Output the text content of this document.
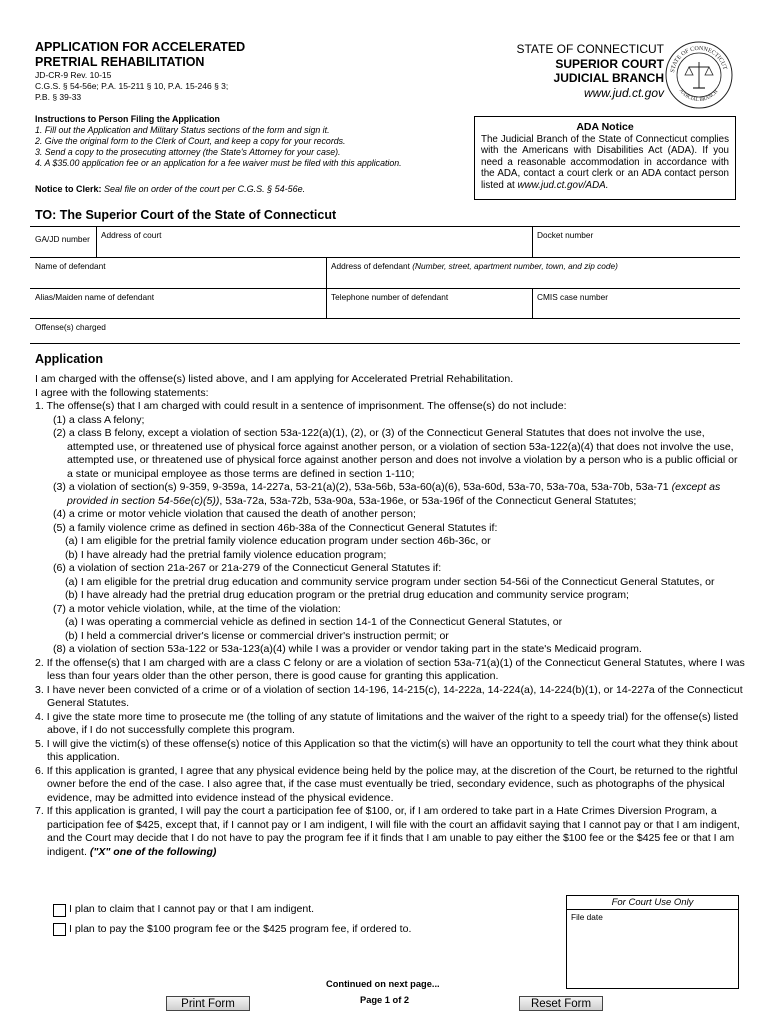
APPLICATION FOR ACCELERATED
PRETRIAL REHABILITATION
JD-CR-9 Rev. 10-15
C.G.S. § 54-56e; P.A. 15-211 § 10, P.A. 15-246 § 3;
P.B. § 39-33
STATE OF CONNECTICUT
SUPERIOR COURT
JUDICIAL BRANCH
www.jud.ct.gov
STATE OF CONNECTICUT
JUDICIAL BRANCH
Instructions to Person Filing the Application
1. Fill out the Application and Military Status sections of the form and sign it.
2. Give the original form to the Clerk of Court, and keep a copy for your records.
3. Send a copy to the prosecuting attorney (the State's Attorney for your case).
4. A $35.00 application fee or an application for a fee waiver must be filed with this application.
Notice to Clerk: Seal file on order of the court per C.G.S. § 54-56e.
ADA Notice
The Judicial Branch of the State of Connecticut complies with the Americans with Disabilities Act (ADA). If you need a reasonable accommodation in accordance with the ADA, contact a court clerk or an ADA contact person listed at www.jud.ct.gov/ADA.
TO: The Superior Court of the State of Connecticut
GA/JD number	Address of court	Docket number
Name of defendant	Address of defendant (Number, street, apartment number, town, and zip code)
Alias/Maiden name of defendant	Telephone number of defendant	CMIS case number
Offense(s) charged
Application

I am charged with the offense(s) listed above, and I am applying for Accelerated Pretrial Rehabilitation.

I agree with the following statements:

1. The offense(s) that I am charged with could result in a sentence of imprisonment. The offense(s) do not include:

(1) a class A felony;

(2) a class B felony, except a violation of section 53a-122(a)(1), (2), or (3) of the Connecticut General Statutes that does not involve the use, attempted use, or threatened use of physical force against another person, or a violation of section 53a-122(a)(4) that does not involve the use, attempted use, or threatened use of physical force against another person and does not involve a violation by a person who is a public official or a state or municipal employee as those terms are defined in section 1-110;

(3) a violation of section(s) 9-359, 9-359a, 14-227a, 53-21(a)(2), 53a-56b, 53a-60(a)(6), 53a-60d, 53a-70, 53a-70a, 53a-70b, 53a-71 (except as provided in section 54-56e(c)(5)), 53a-72a, 53a-72b, 53a-90a, 53a-196e, or 53a-196f of the Connecticut General Statutes;

(4) a crime or motor vehicle violation that caused the death of another person;

(5) a family violence crime as defined in section 46b-38a of the Connecticut General Statutes if:

(a) I am eligible for the pretrial family violence education program under section 46b-36c, or

(b) I have already had the pretrial family violence education program;

(6) a violation of section 21a-267 or 21a-279 of the Connecticut General Statutes if:

(a) I am eligible for the pretrial drug education and community service program under section 54-56i of the Connecticut General Statutes, or

(b) I have already had the pretrial drug education program or the pretrial drug education and community service program;

(7) a motor vehicle violation, while, at the time of the violation:

(a) I was operating a commercial vehicle as defined in section 14-1 of the Connecticut General Statutes, or

(b) I held a commercial driver's license or commercial driver's instruction permit; or

(8) a violation of section 53a-122 or 53a-123(a)(4) while I was a provider or vendor taking part in the state's Medicaid program.

2. If the offense(s) that I am charged with are a class C felony or are a violation of section 53a-71(a)(1) of the Connecticut General Statutes, where I was less than four years older than the other person, there is good cause for granting this application.

3. I have never been convicted of a crime or of a violation of section 14-196, 14-215(c), 14-222a, 14-224(a), 14-224(b)(1), or 14-227a of the Connecticut General Statutes.

4. I give the state more time to prosecute me (the tolling of any statute of limitations and the waiver of the right to a speedy trial) for the offense(s) listed above, if I do not successfully complete this program.

5. I will give the victim(s) of these offense(s) notice of this Application so that the victim(s) will have an opportunity to tell the court what they think about this application.

6. If this application is granted, I agree that any physical evidence being held by the police may, at the discretion of the Court, be returned to the rightful owner before the end of the case. I also agree that, if the case must eventually be tried, secondary evidence, such as photographs of the physical evidence, may be admitted into evidence instead of the physical evidence.

7. If this application is granted, I will pay the court a participation fee of $100, or, if I am ordered to take part in a Hate Crimes Diversion Program, a participation fee of $425, except that, if I cannot pay or I am indigent, I will file with the court an affidavit saying that I cannot pay or that I am indigent, and the Court may decide that I do not have to pay the program fee if it finds that I am unable to pay either the $100 fee or the $425 fee or that I am indigent. ("X" one of the following)

I plan to claim that I cannot pay or that I am indigent.
I plan to pay the $100 program fee or the $425 program fee, if ordered to.
For Court Use Only
File date
Continued on next page...
Page 1 of 2
Print Form	Reset Form
